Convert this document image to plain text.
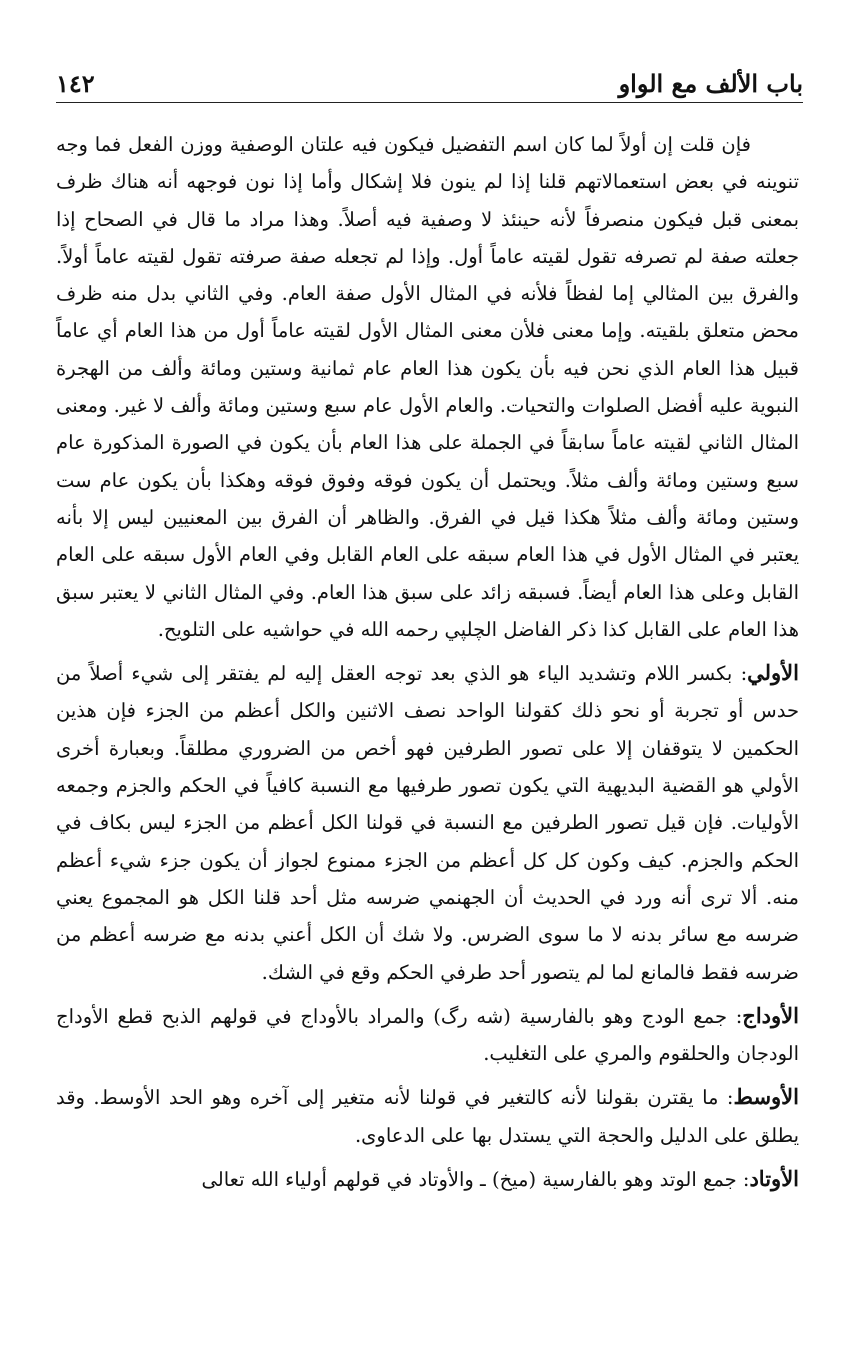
باب الألف مع الواو
١٤٢

فإن قلت إن أولاً لما كان اسم التفضيل فيكون فيه علتان الوصفية ووزن الفعل فما وجه تنوينه في بعض استعمالاتهم قلنا إذا لم ينون فلا إشكال وأما إذا نون فوجهه أنه هناك ظرف بمعنى قبل فيكون منصرفاً لأنه حينئذ لا وصفية فيه أصلاً. وهذا مراد ما قال في الصحاح إذا جعلته صفة لم تصرفه تقول لقيته عاماً أول. وإذا لم تجعله صفة صرفته تقول لقيته عاماً أولاً. والفرق بين المثالي إما لفظاً فلأنه في المثال الأول صفة العام. وفي الثاني بدل منه ظرف محض متعلق بلقيته. وإما معنى فلأن معنى المثال الأول لقيته عاماً أول من هذا العام أي عاماً قبيل هذا العام الذي نحن فيه بأن يكون هذا العام عام ثمانية وستين ومائة وألف من الهجرة النبوية عليه أفضل الصلوات والتحيات. والعام الأول عام سبع وستين ومائة وألف لا غير. ومعنى المثال الثاني لقيته عاماً سابقاً في الجملة على هذا العام بأن يكون في الصورة المذكورة عام سبع وستين ومائة وألف مثلاً. ويحتمل أن يكون فوقه وفوق فوقه وهكذا بأن يكون عام ست وستين ومائة وألف مثلاً هكذا قيل في الفرق. والظاهر أن الفرق بين المعنيين ليس إلا بأنه يعتبر في المثال الأول في هذا العام سبقه على العام القابل وفي العام الأول سبقه على العام القابل وعلى هذا العام أيضاً. فسبقه زائد على سبق هذا العام. وفي المثال الثاني لا يعتبر سبق هذا العام على القابل كذا ذكر الفاضل الچلپي رحمه الله في حواشيه على التلويح.

الأولي: بكسر اللام وتشديد الياء هو الذي بعد توجه العقل إليه لم يفتقر إلى شيء أصلاً من حدس أو تجربة أو نحو ذلك كقولنا الواحد نصف الاثنين والكل أعظم من الجزء فإن هذين الحكمين لا يتوقفان إلا على تصور الطرفين فهو أخص من الضروري مطلقاً. وبعبارة أخرى الأولي هو القضية البديهية التي يكون تصور طرفيها مع النسبة كافياً في الحكم والجزم وجمعه الأوليات. فإن قيل تصور الطرفين مع النسبة في قولنا الكل أعظم من الجزء ليس بكاف في الحكم والجزم. كيف وكون كل كل أعظم من الجزء ممنوع لجواز أن يكون جزء شيء أعظم منه. ألا ترى أنه ورد في الحديث أن الجهنمي ضرسه مثل أحد قلنا الكل هو المجموع يعني ضرسه مع سائر بدنه لا ما سوى الضرس. ولا شك أن الكل أعني بدنه مع ضرسه أعظم من ضرسه فقط فالمانع لما لم يتصور أحد طرفي الحكم وقع في الشك.

الأوداج: جمع الودج وهو بالفارسية (شه رگ) والمراد بالأوداج في قولهم الذبح قطع الأوداج الودجان والحلقوم والمري على التغليب.

الأوسط: ما يقترن بقولنا لأنه كالتغير في قولنا لأنه متغير إلى آخره وهو الحد الأوسط. وقد يطلق على الدليل والحجة التي يستدل بها على الدعاوى.

الأوتاد: جمع الوتد وهو بالفارسية (ميخ) ـ والأوتاد في قولهم أولياء الله تعالى
